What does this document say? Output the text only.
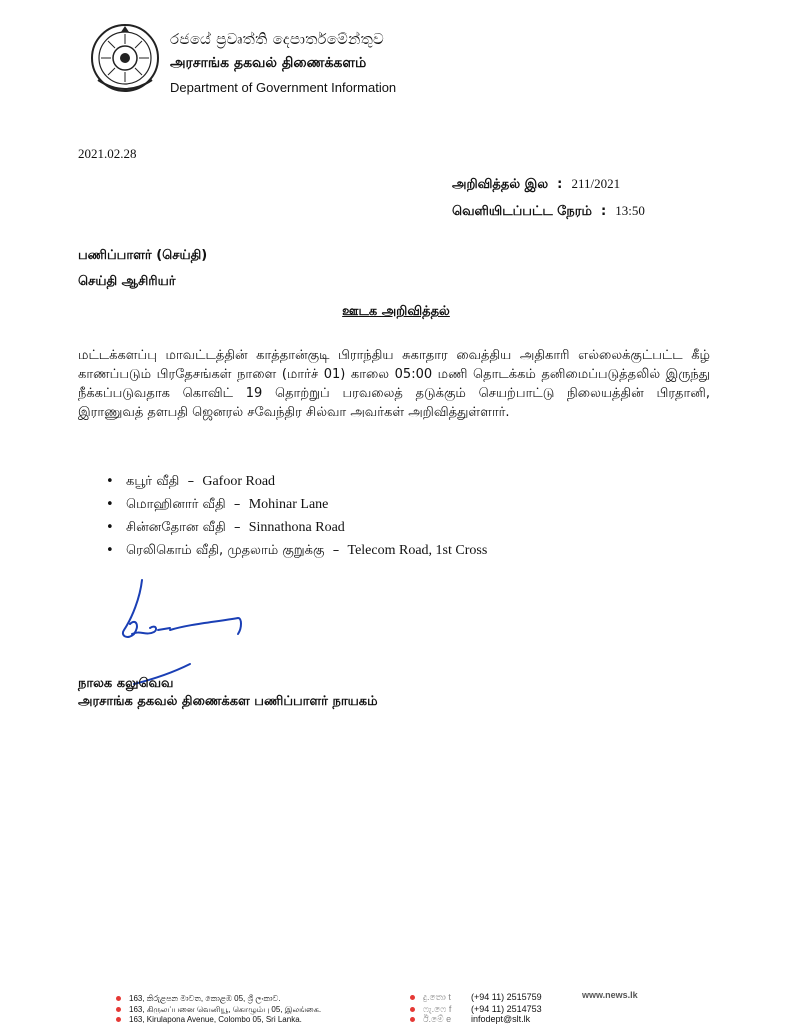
රජයේ ප්‍රවෘත්ති දෙපාර්තමේන්තුව
அரசாங்க தகவல் திணைக்களம்
Department of Government Information
2021.02.28
அறிவித்தல் இல  :  211/2021
வெளியிடப்பட்ட நேரம்  :  13:50
பணிப்பாளர் (செய்தி)
செய்தி ஆசிரியர்
ஊடக அறிவித்தல்
மட்டக்களப்பு மாவட்டத்தின் காத்தான்குடி பிராந்திய சுகாதார வைத்திய அதிகாரி எல்லைக்குட்பட்ட கீழ் காணப்படும் பிரதேசங்கள் நாளை (மார்ச் 01) காலை 05:00 மணி தொடக்கம் தனிமைப்படுத்தலில் இருந்து நீக்கப்படுவதாக கொவிட் 19 தொற்றுப் பரவலைத் தடுக்கும் செயற்பாட்டு நிலையத்தின் பிரதானி, இராணுவத் தளபதி ஜெனரல் சவேந்திர சில்வா அவர்கள் அறிவித்துள்ளார்.
• கபூர் வீதி  –  Gafoor Road
• மொஹினார் வீதி  –  Mohinar Lane
• சின்னதோன வீதி  –  Sinnathona Road
• ரெலிகொம் வீதி, முதலாம் குறுக்கு  –  Telecom Road, 1st Cross
நாலக கலுவெவ
அரசாங்க தகவல் திணைக்கள பணிப்பாளர் நாயகம்
163, කිරුළපන මාවත, කොළඹ 05, ශ්‍රී ලංකාව.
163, கிருலப்பனை வெனியூ, கொழும்பு 05, இலங்கை.
163, Kirulapona Avenue, Colombo 05, Sri Lanka.
දු.තො t (+94 11) 2515759
ෆැ.ෆෙ f (+94 11) 2514753
ඊ.මේ e infodept@slt.lk
www.news.lk
